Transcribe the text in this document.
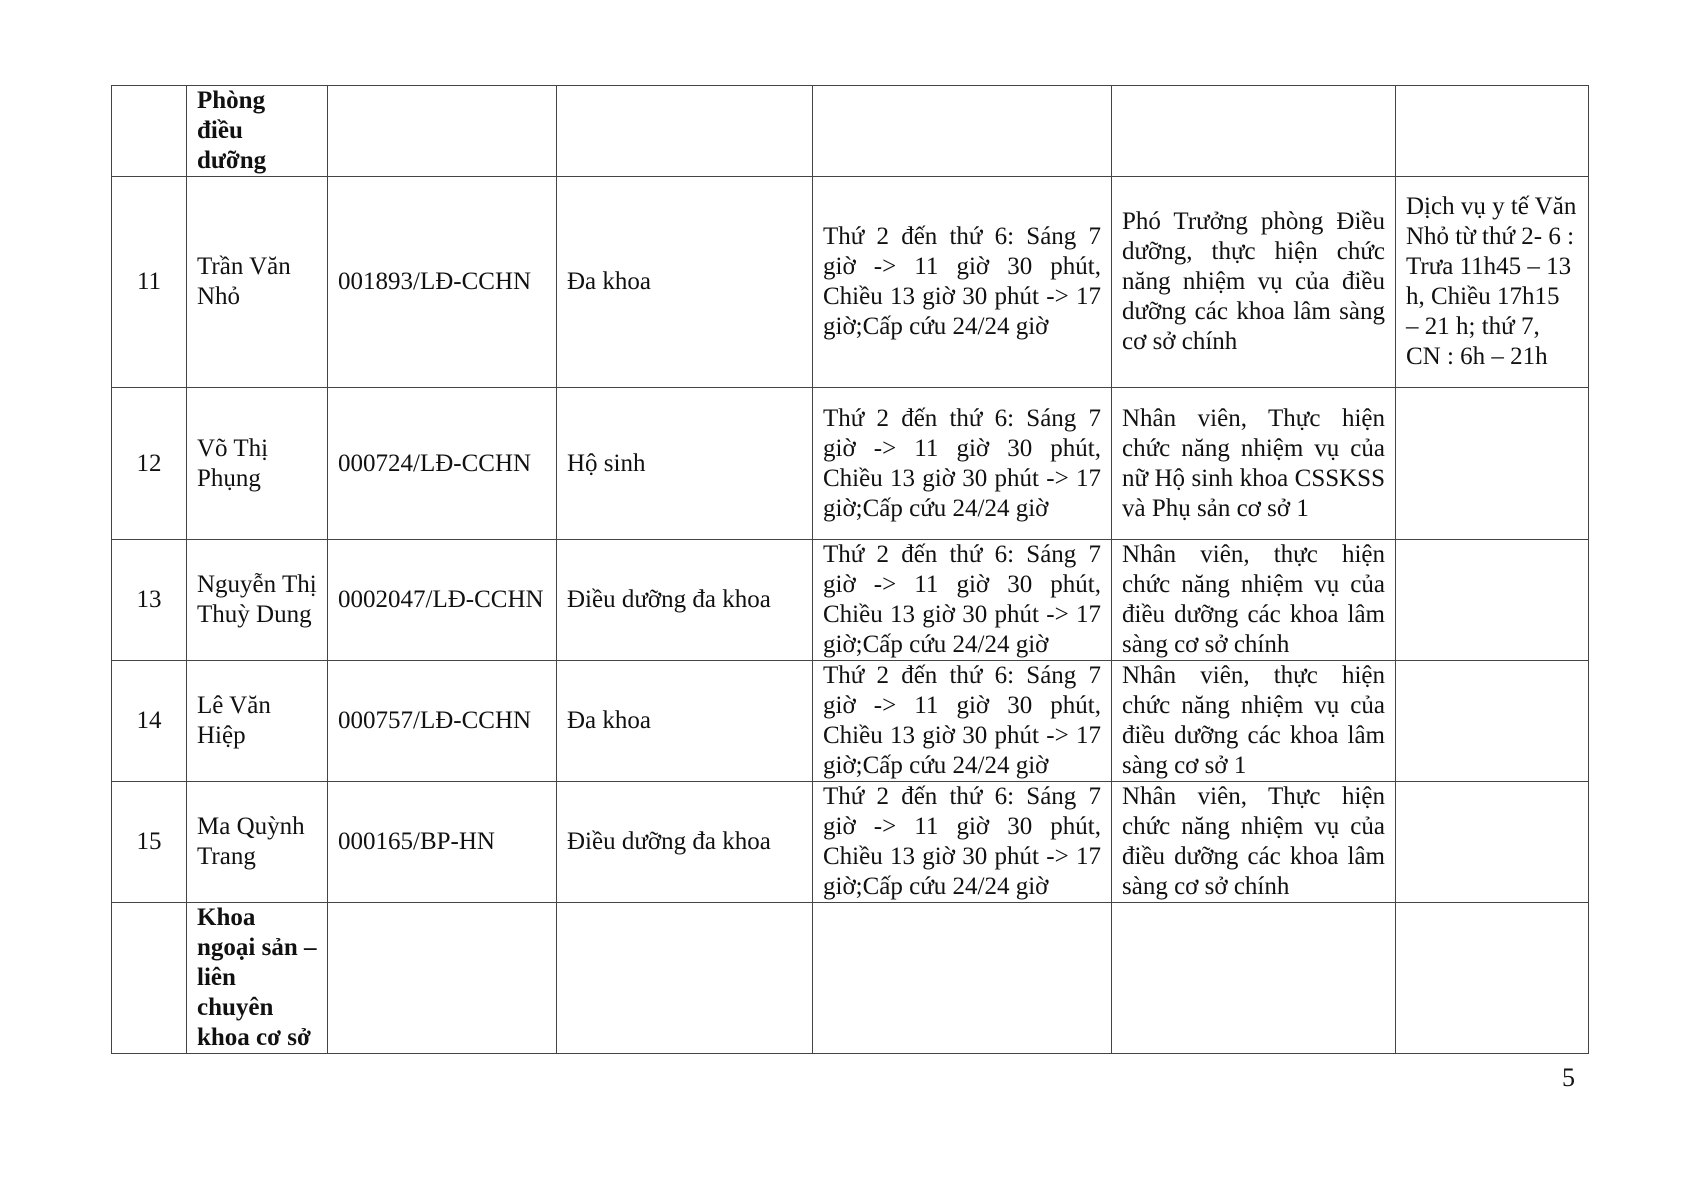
	Phòng điều dưỡng					
11	Trần Văn Nhỏ	001893/LĐ-CCHN	Đa khoa	Thứ 2 đến thứ 6: Sáng 7 giờ -> 11 giờ 30 phút, Chiều 13 giờ 30 phút -> 17 giờ;Cấp cứu 24/24 giờ	Phó Trưởng phòng Điều dưỡng, thực hiện chức năng nhiệm vụ của điều dưỡng các khoa lâm sàng cơ sở chính	Dịch vụ y tế Văn Nhỏ từ thứ 2- 6 : Trưa 11h45 – 13 h, Chiều 17h15 – 21 h; thứ 7, CN : 6h – 21h
12	Võ Thị Phụng	000724/LĐ-CCHN	Hộ sinh	Thứ 2 đến thứ 6: Sáng 7 giờ -> 11 giờ 30 phút, Chiều 13 giờ 30 phút -> 17 giờ;Cấp cứu 24/24 giờ	Nhân viên, Thực hiện chức năng nhiệm vụ của nữ Hộ sinh khoa CSSKSS và Phụ sản cơ sở 1	
13	Nguyễn Thị Thuỳ Dung	0002047/LĐ-CCHN	Điều dưỡng đa khoa	Thứ 2 đến thứ 6: Sáng 7 giờ -> 11 giờ 30 phút, Chiều 13 giờ 30 phút -> 17 giờ;Cấp cứu 24/24 giờ	Nhân viên, thực hiện chức năng nhiệm vụ của điều dưỡng các khoa lâm sàng cơ sở chính	
14	Lê Văn Hiệp	000757/LĐ-CCHN	Đa khoa	Thứ 2 đến thứ 6: Sáng 7 giờ -> 11 giờ 30 phút, Chiều 13 giờ 30 phút -> 17 giờ;Cấp cứu 24/24 giờ	Nhân viên, thực hiện chức năng nhiệm vụ của điều dưỡng các khoa lâm sàng cơ sở 1	
15	Ma Quỳnh Trang	000165/BP-HN	Điều dưỡng đa khoa	Thứ 2 đến thứ 6: Sáng 7 giờ -> 11 giờ 30 phút, Chiều 13 giờ 30 phút -> 17 giờ;Cấp cứu 24/24 giờ	Nhân viên, Thực hiện chức năng nhiệm vụ của điều dưỡng các khoa lâm sàng cơ sở chính	
	Khoa ngoại sản – liên chuyên khoa cơ sở					
5
